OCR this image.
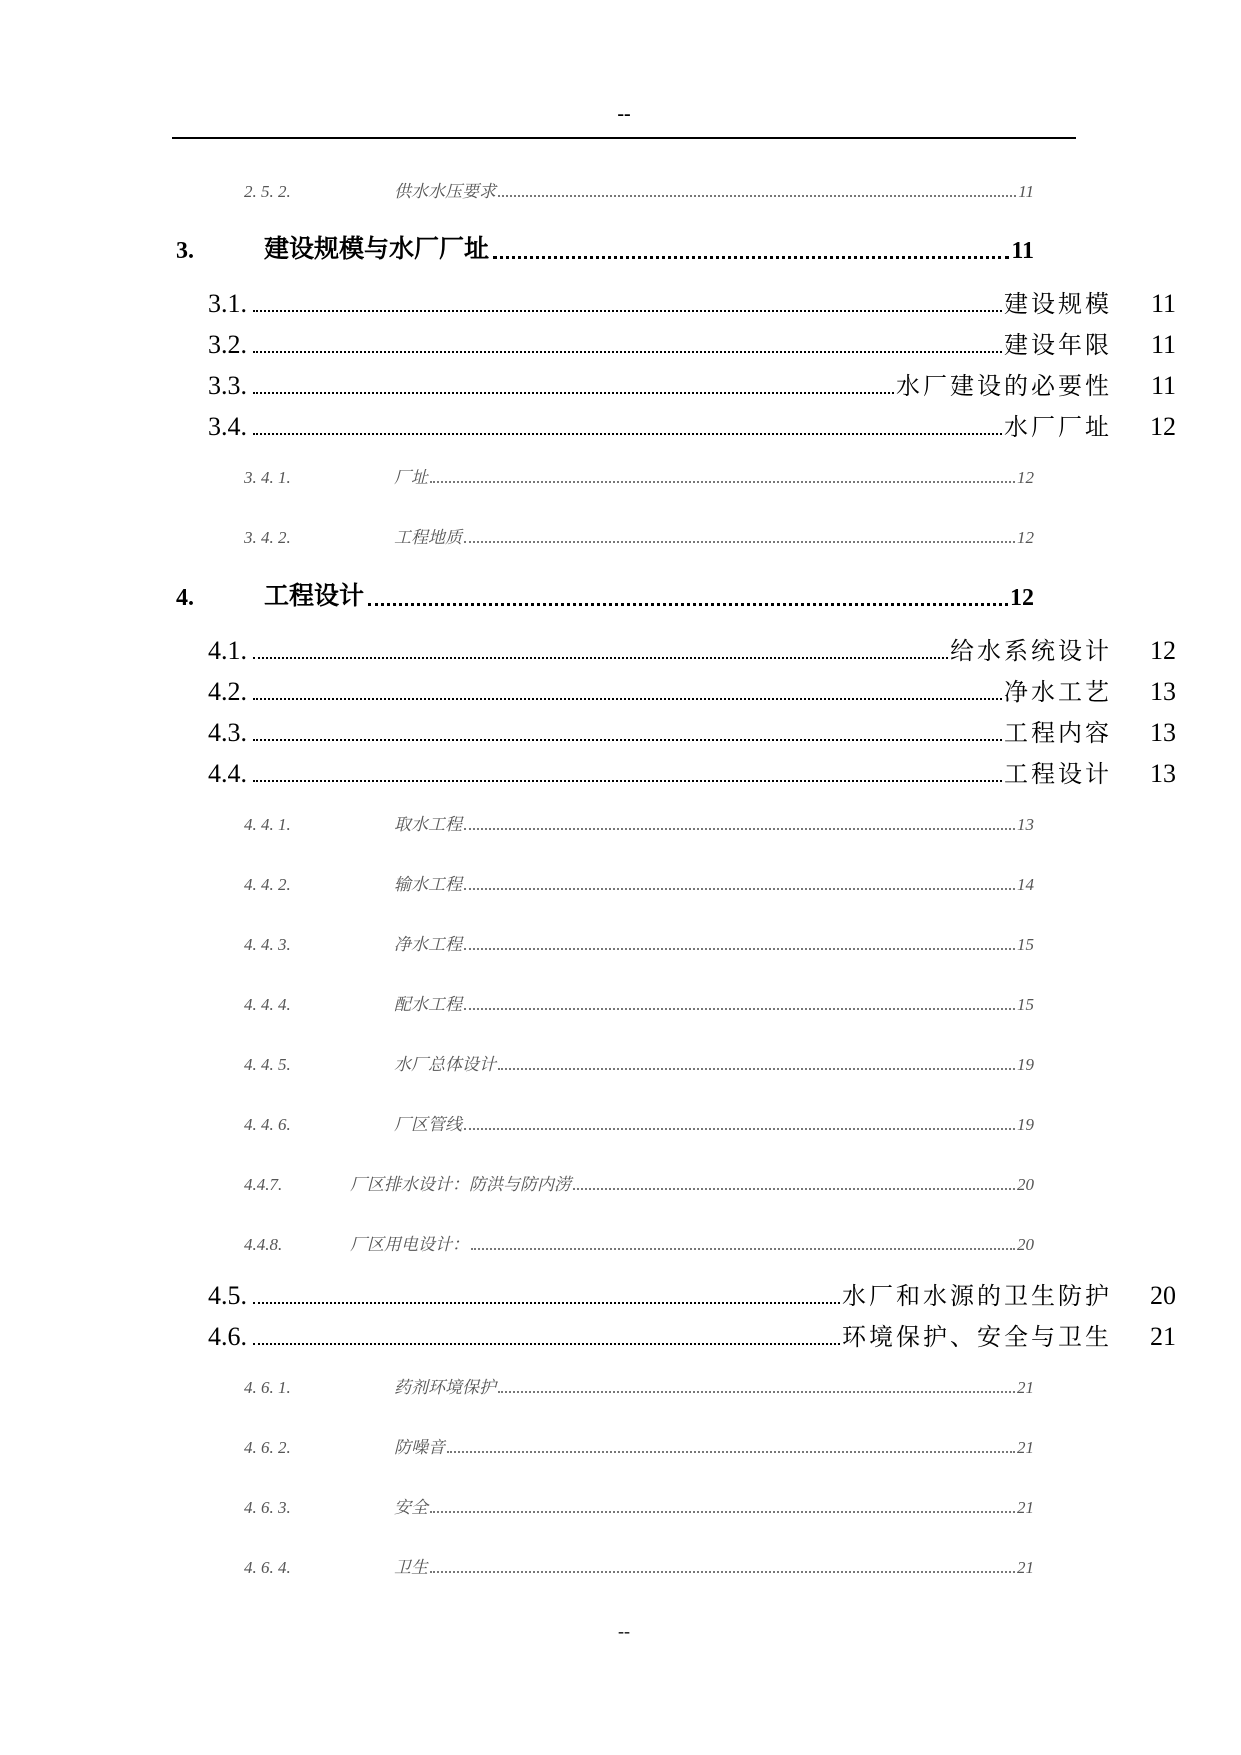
--
2. 5. 2.	供水水压要求	11
3.	建设规模与水厂厂址	11
3.1.	建设规模	11
3.2.	建设年限	11
3.3.	水厂建设的必要性	11
3.4.	水厂厂址	12
3. 4. 1.	厂址	12
3. 4. 2.	工程地质	12
4.	工程设计	12
4.1.	给水系统设计	12
4.2.	净水工艺	13
4.3.	工程内容	13
4.4.	工程设计	13
4. 4. 1.	取水工程	13
4. 4. 2.	输水工程	14
4. 4. 3.	净水工程	15
4. 4. 4.	配水工程	15
4. 4. 5.	水厂总体设计	19
4. 4. 6.	厂区管线	19
4.4.7.	厂区排水设计：防洪与防内涝	20
4.4.8.	厂区用电设计：	20
4.5.	水厂和水源的卫生防护	20
4.6.	环境保护、安全与卫生	21
4. 6. 1.	药剂环境保护	21
4. 6. 2.	防噪音	21
4. 6. 3.	安全	21
4. 6. 4.	卫生	21
--
